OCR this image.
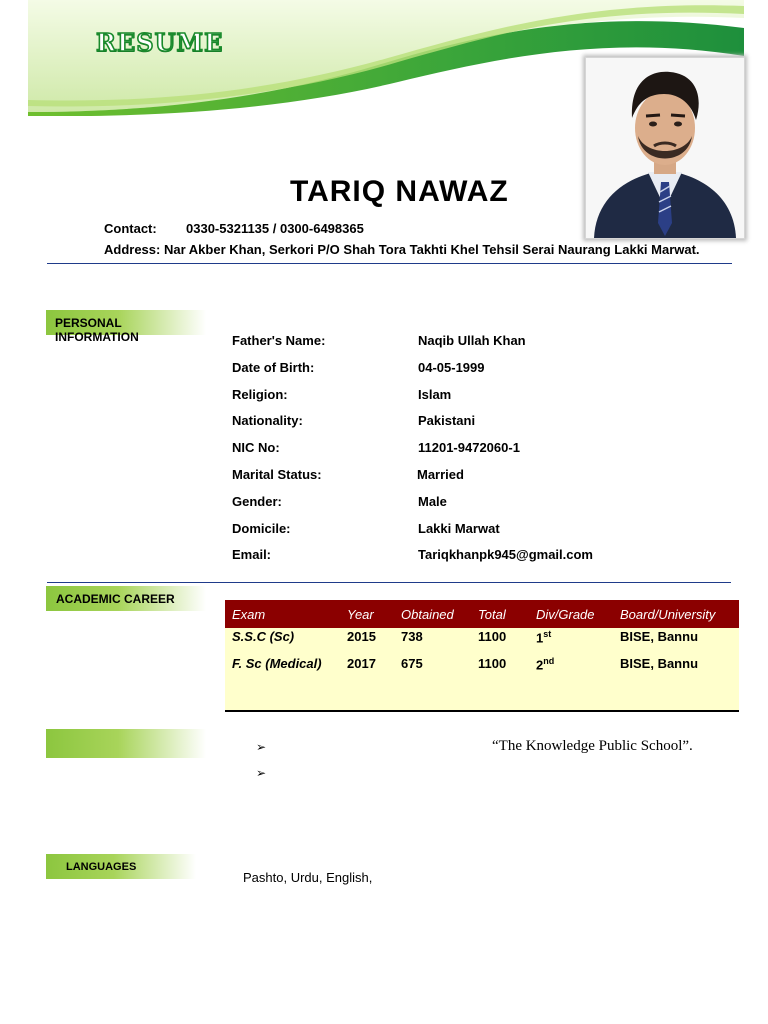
RESUME
TARIQ NAWAZ
Contact: 0330-5321135 / 0300-6498365
Address: Nar Akber Khan, Serkori P/O Shah Tora Takhti Khel Tehsil Serai Naurang Lakki Marwat.
PERSONAL INFORMATION	Father's Name:	Naqib Ullah Khan
Date of Birth:	04-05-1999
Religion:	Islam
Nationality:	Pakistani
NIC No:	11201-9472060-1
Marital Status:	Married
Gender:	Male
Domicile:	Lakki Marwat
Email:	Tariqkhanpk945@gmail.com
ACADEMIC CAREER
Exam	Year Obtained Total Div/Grade Board/University
S.S.C (Sc)	2015 738	1100 1st	BISE, Bannu
F. Sc (Medical) 2017 675	1100 2nd	BISE, Bannu
➢	“The Knowledge Public School”.
➢
LANGUAGES
Pashto, Urdu, English,
